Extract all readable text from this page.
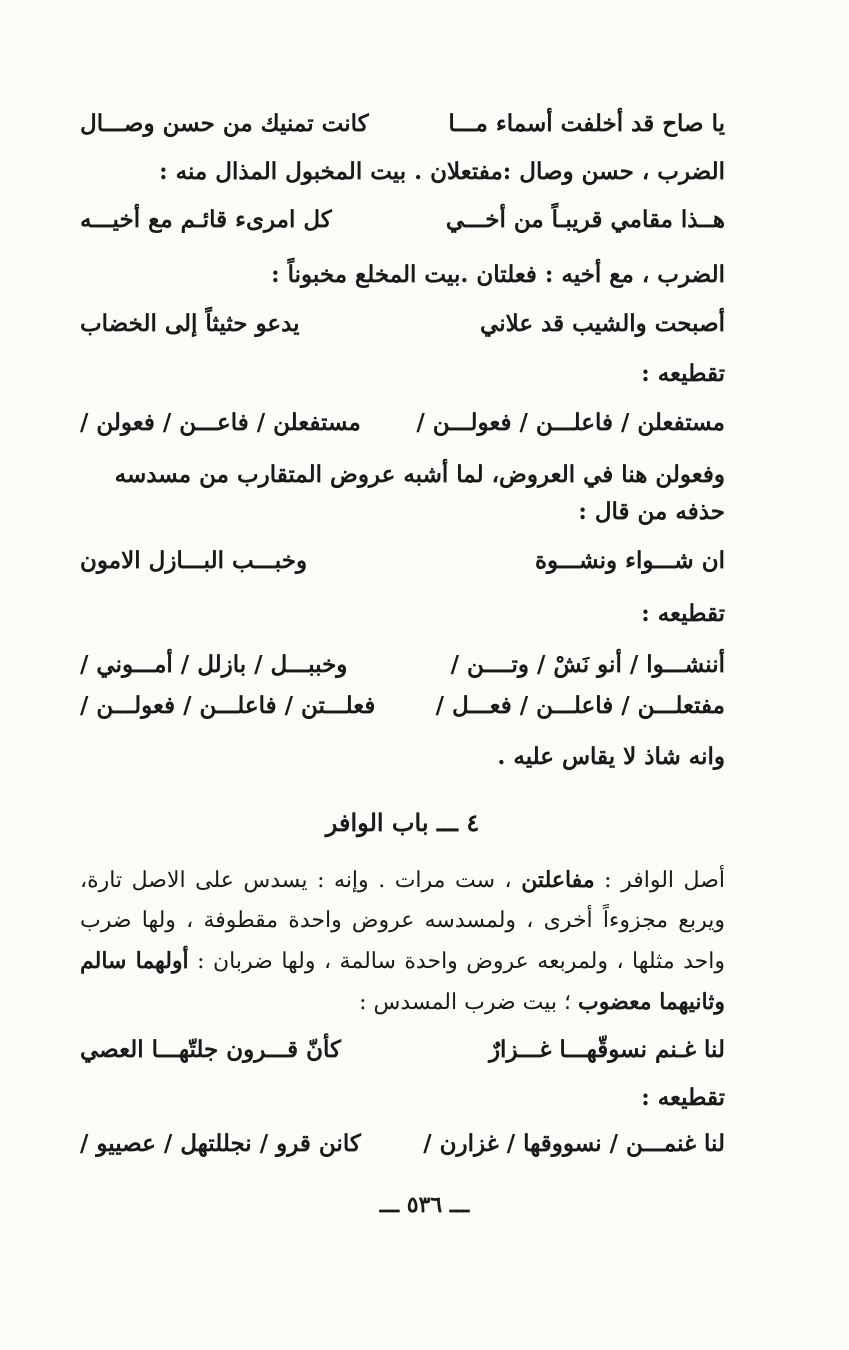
يا صاح قد أخلفت أسماء مـــا
كانت تمنيك من حسن وصـــال
الضرب ، حسن وصال :مفتعلان . بيت المخبول المذال منه :
هــذا مقامي قريبـاً من أخـــي
كل امرىء قائـم مع أخيـــه
الضرب ، مع أخيه : فعلتان .بيت المخلع مخبوناً :
أصبحت والشيب قد علاني
يدعو حثيثاً إلى الخضاب
تقطيعه :
مستفعلن / فاعلـــن / فعولـــن /
مستفعلن / فاعـــن / فعولن /
وفعولن هنا في العروض، لما أشبه عروض المتقارب من مسدسه
حذفه من قال :
ان شـــواء ونشـــوة
وخبـــب البـــازل الامون
تقطيعه :
أننشـــوا / أنو نَشْ / وتــــن /
وخببـــل / بازلل / أمـــوني /
مفتعلـــن / فاعلـــن / فعـــل /
فعلـــتن / فاعلـــن / فعولـــن /
وانه شاذ لا يقاس عليه .
٤ ـــ باب الوافر
أصل الوافر : مفاعلتن ، ست مرات . وإنه : يسدس على الاصل تارة، ويربع مجزوءاً أخرى ، ولمسدسه عروض واحدة مقطوفة ، ولها ضرب واحد مثلها ، ولمربعه عروض واحدة سالمة ، ولها ضربان : أولهما سالم وثانيهما معضوب ؛ بيت ضرب المسدس :
لنا غـنم نسوقّهـــا غـــزارٌ
كأنّ قـــرون جلتّهـــا العصي
تقطيعه :
لنا غنمـــن / نسووقها / غزارن /
كانن قرو / نجللتهل / عصييو /
ـــ ٥٣٦ ـــ
